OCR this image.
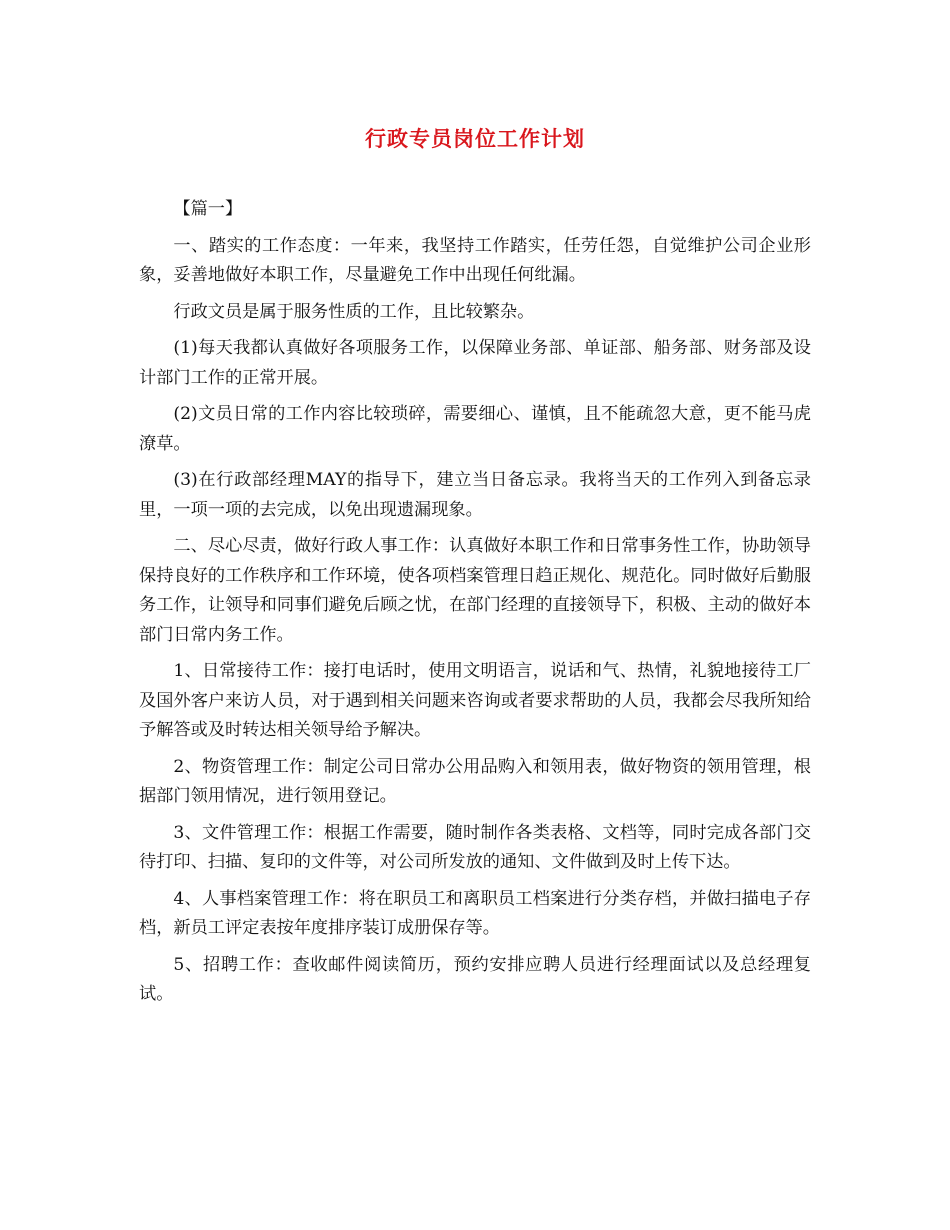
行政专员岗位工作计划

【篇一】

一、踏实的工作态度：一年来，我坚持工作踏实，任劳任怨，自觉维护公司企业形象，妥善地做好本职工作，尽量避免工作中出现任何纰漏。

行政文员是属于服务性质的工作，且比较繁杂。

(1)每天我都认真做好各项服务工作，以保障业务部、单证部、船务部、财务部及设计部门工作的正常开展。

(2)文员日常的工作内容比较琐碎，需要细心、谨慎，且不能疏忽大意，更不能马虎潦草。

(3)在行政部经理MAY的指导下，建立当日备忘录。我将当天的工作列入到备忘录里，一项一项的去完成，以免出现遗漏现象。

二、尽心尽责，做好行政人事工作：认真做好本职工作和日常事务性工作，协助领导保持良好的工作秩序和工作环境，使各项档案管理日趋正规化、规范化。同时做好后勤服务工作，让领导和同事们避免后顾之忧，在部门经理的直接领导下，积极、主动的做好本部门日常内务工作。

1、日常接待工作：接打电话时，使用文明语言，说话和气、热情，礼貌地接待工厂及国外客户来访人员，对于遇到相关问题来咨询或者要求帮助的人员，我都会尽我所知给予解答或及时转达相关领导给予解决。

2、物资管理工作：制定公司日常办公用品购入和领用表，做好物资的领用管理，根据部门领用情况，进行领用登记。

3、文件管理工作：根据工作需要，随时制作各类表格、文档等，同时完成各部门交待打印、扫描、复印的文件等，对公司所发放的通知、文件做到及时上传下达。

4、人事档案管理工作：将在职员工和离职员工档案进行分类存档，并做扫描电子存档，新员工评定表按年度排序装订成册保存等。

5、招聘工作：查收邮件阅读简历，预约安排应聘人员进行经理面试以及总经理复试。
